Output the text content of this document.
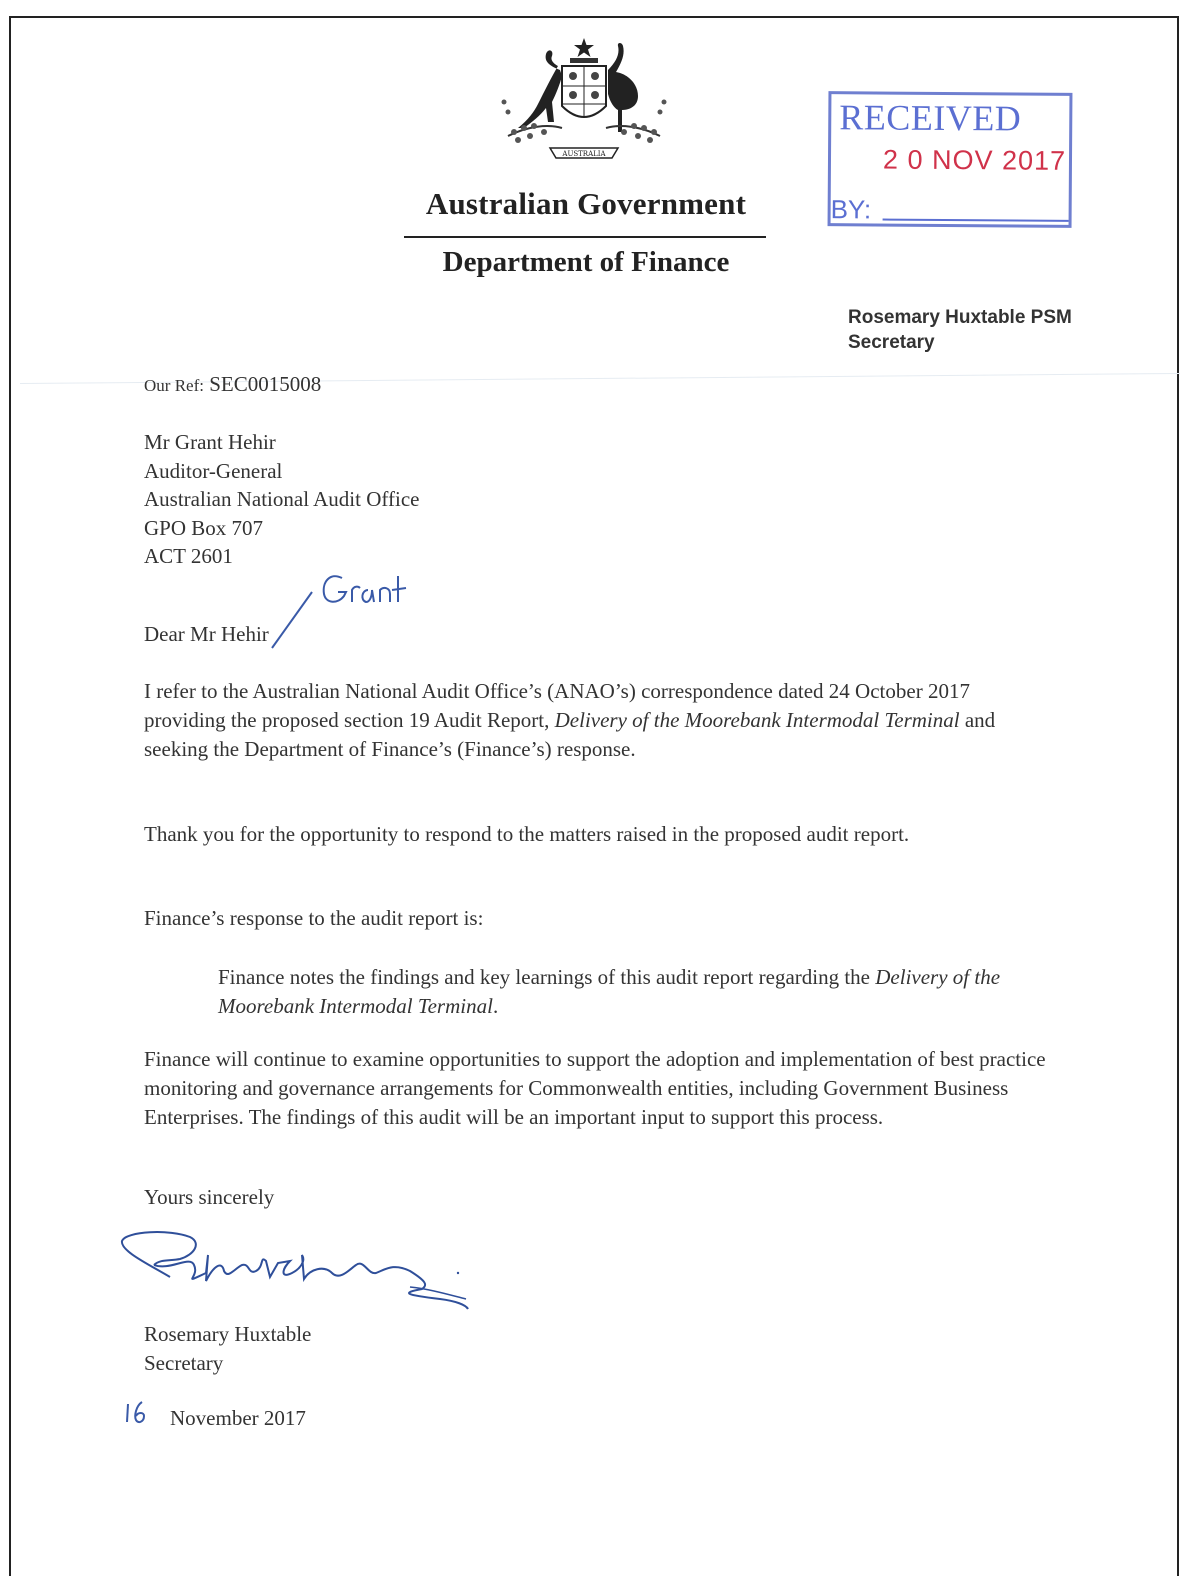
AUSTRALIA
Australian Government
Department of Finance
RECEIVED
2 0 NOV 2017
BY:
Rosemary Huxtable PSM
Secretary
Our Ref: SEC0015008
Mr Grant Hehir
Auditor-General
Australian National Audit Office
GPO Box 707
ACT 2601
Dear Mr Hehir
I refer to the Australian National Audit Office’s (ANAO’s) correspondence dated 24 October 2017 providing the proposed section 19 Audit Report, Delivery of the Moorebank Intermodal Terminal and seeking the Department of Finance’s (Finance’s) response.
Thank you for the opportunity to respond to the matters raised in the proposed audit report.
Finance’s response to the audit report is:
Finance notes the findings and key learnings of this audit report regarding the Delivery of the Moorebank Intermodal Terminal.
Finance will continue to examine opportunities to support the adoption and implementation of best practice monitoring and governance arrangements for Commonwealth entities, including Government Business Enterprises. The findings of this audit will be an important input to support this process.
Yours sincerely
Rosemary Huxtable
Secretary
November 2017
